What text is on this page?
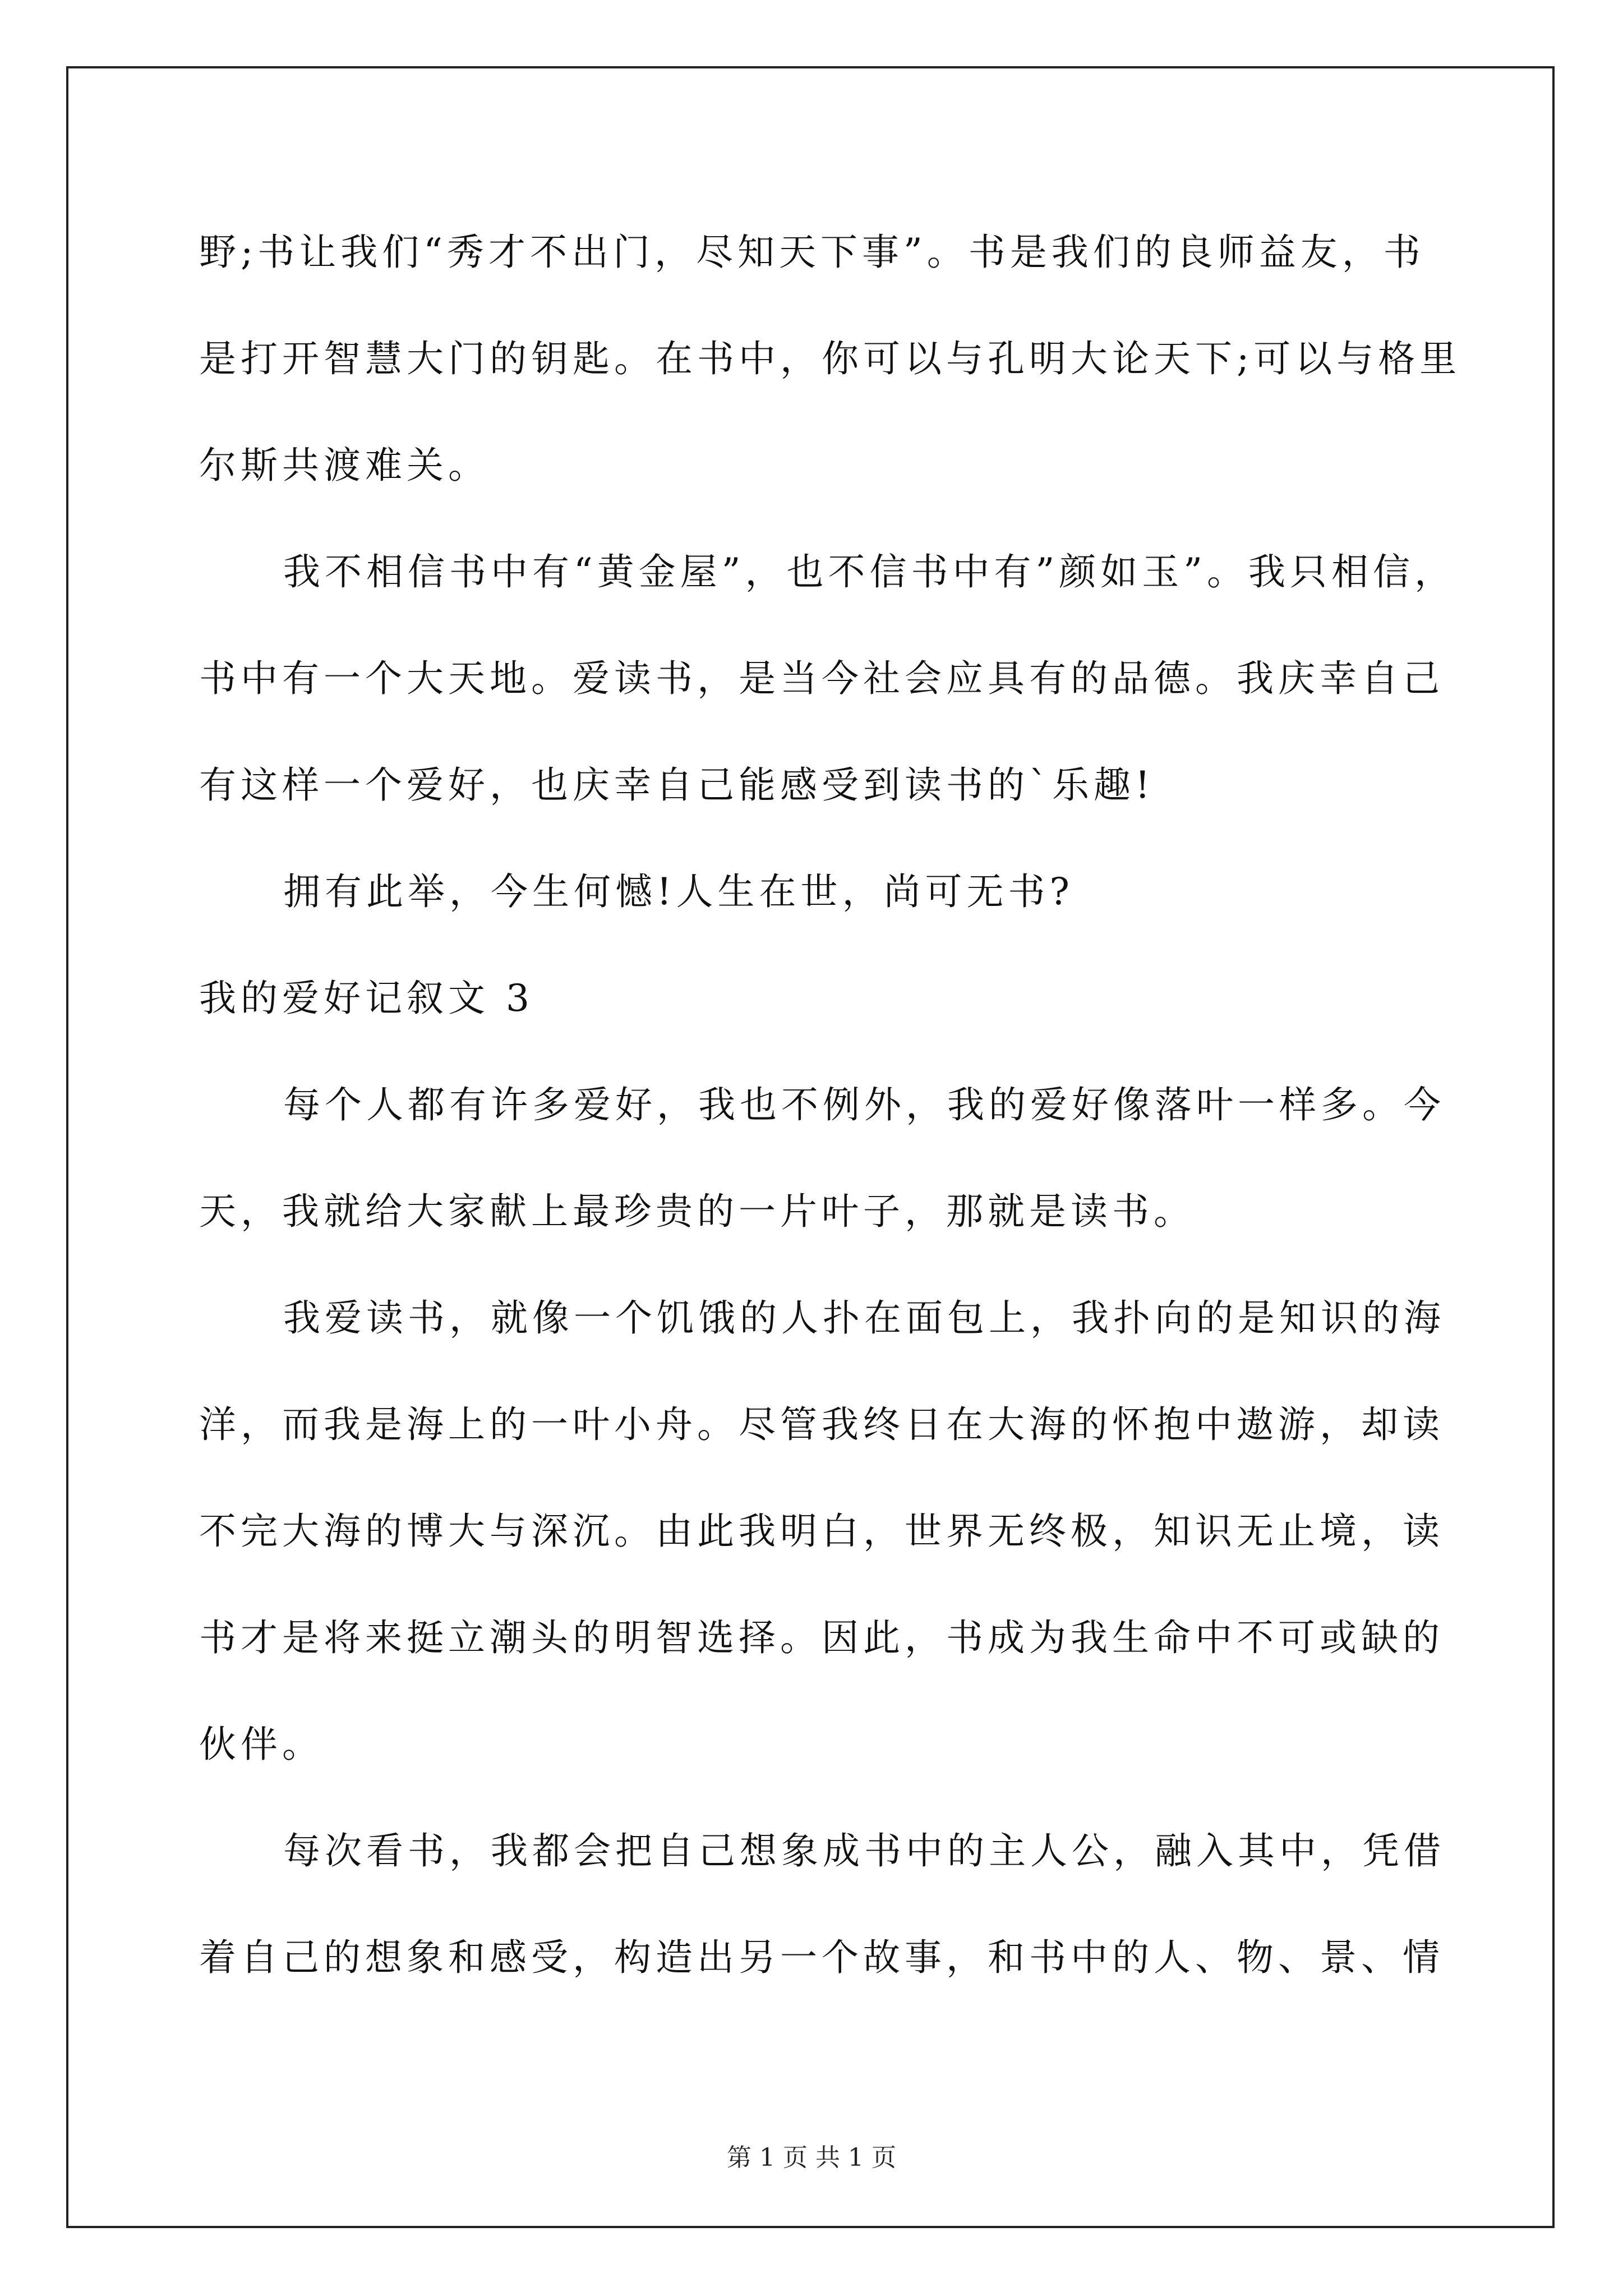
野;书让我们“秀才不出门，尽知天下事”。书是我们的良师益友，书
是打开智慧大门的钥匙。在书中，你可以与孔明大论天下;可以与格里
尔斯共渡难关。
我不相信书中有“黄金屋”，也不信书中有”颜如玉”。我只相信，
书中有一个大天地。爱读书，是当今社会应具有的品德。我庆幸自己
有这样一个爱好，也庆幸自己能感受到读书的`乐趣!
拥有此举，今生何憾!人生在世，尚可无书?
我的爱好记叙文 3
每个人都有许多爱好，我也不例外，我的爱好像落叶一样多。今
天，我就给大家献上最珍贵的一片叶子，那就是读书。
我爱读书，就像一个饥饿的人扑在面包上，我扑向的是知识的海
洋，而我是海上的一叶小舟。尽管我终日在大海的怀抱中遨游，却读
不完大海的博大与深沉。由此我明白，世界无终极，知识无止境，读
书才是将来挺立潮头的明智选择。因此，书成为我生命中不可或缺的
伙伴。
每次看书，我都会把自己想象成书中的主人公，融入其中，凭借
着自己的想象和感受，构造出另一个故事，和书中的人、物、景、情
第 1 页 共 1 页
